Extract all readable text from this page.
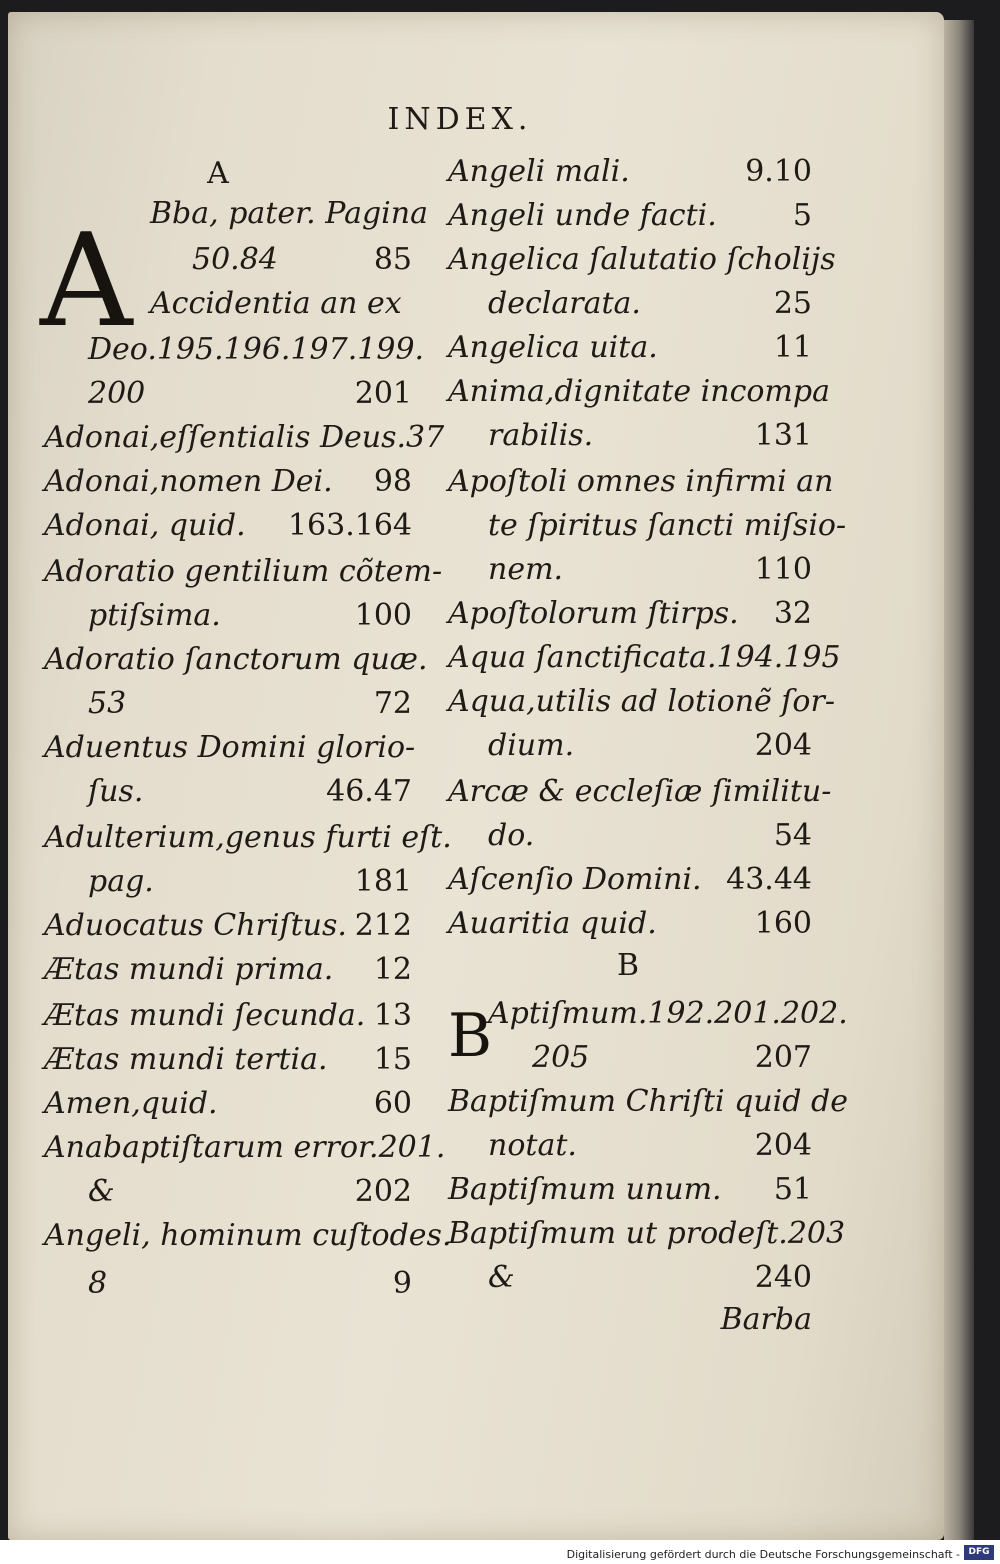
INDEX.
A
B
A
B
Bba, pater. Pagina
50.84	85
Accidentia an ex
Deo.195.196.197.199.
200	201
Adonai,eſſentialis Deus.37
Adonai,nomen Dei. 98
Adonai, quid. 163.164
Adoratio gentilium cõtem-
ptiſsima.	100
Adoratio ſanctorum quæ.
53	72
Aduentus Domini glorio-
ſus.	46.47
Adulterium,genus furti eſt.
pag.	181
Aduocatus Chriſtus. 212
Ætas mundi prima. 12
Ætas mundi ſecunda. 13
Ætas mundi tertia. 15
Amen,quid.	60
Anabaptiſtarum error.201.
&	202
Angeli, hominum cuſtodes.
8	9
Angeli mali.	9.10
Angeli unde facti.	5
Angelica ſalutatio ſcholijs
declarata.	25
Angelica uita.	11
Anima,dignitate incompa
rabilis.	131
Apoſtoli omnes infirmi an
te ſpiritus ſancti miſsio-
nem.	110
Apoſtolorum ſtirps. 32
Aqua ſanctificata.194.195
Aqua,utilis ad lotionẽ ſor-
dium.	204
Arcæ & eccleſiæ ſimilitu-
do.	54
Aſcenſio Domini. 43.44
Auaritia quid.	160
Aptiſmum.192.201.202.
205	207
Baptiſmum Chriſti quid de
notat.	204
Baptiſmum unum. 51
Baptiſmum ut prodeſt.203
&	240
Barba
Digitalisierung gefördert durch die Deutsche Forschungsgemeinschaft - DFG
